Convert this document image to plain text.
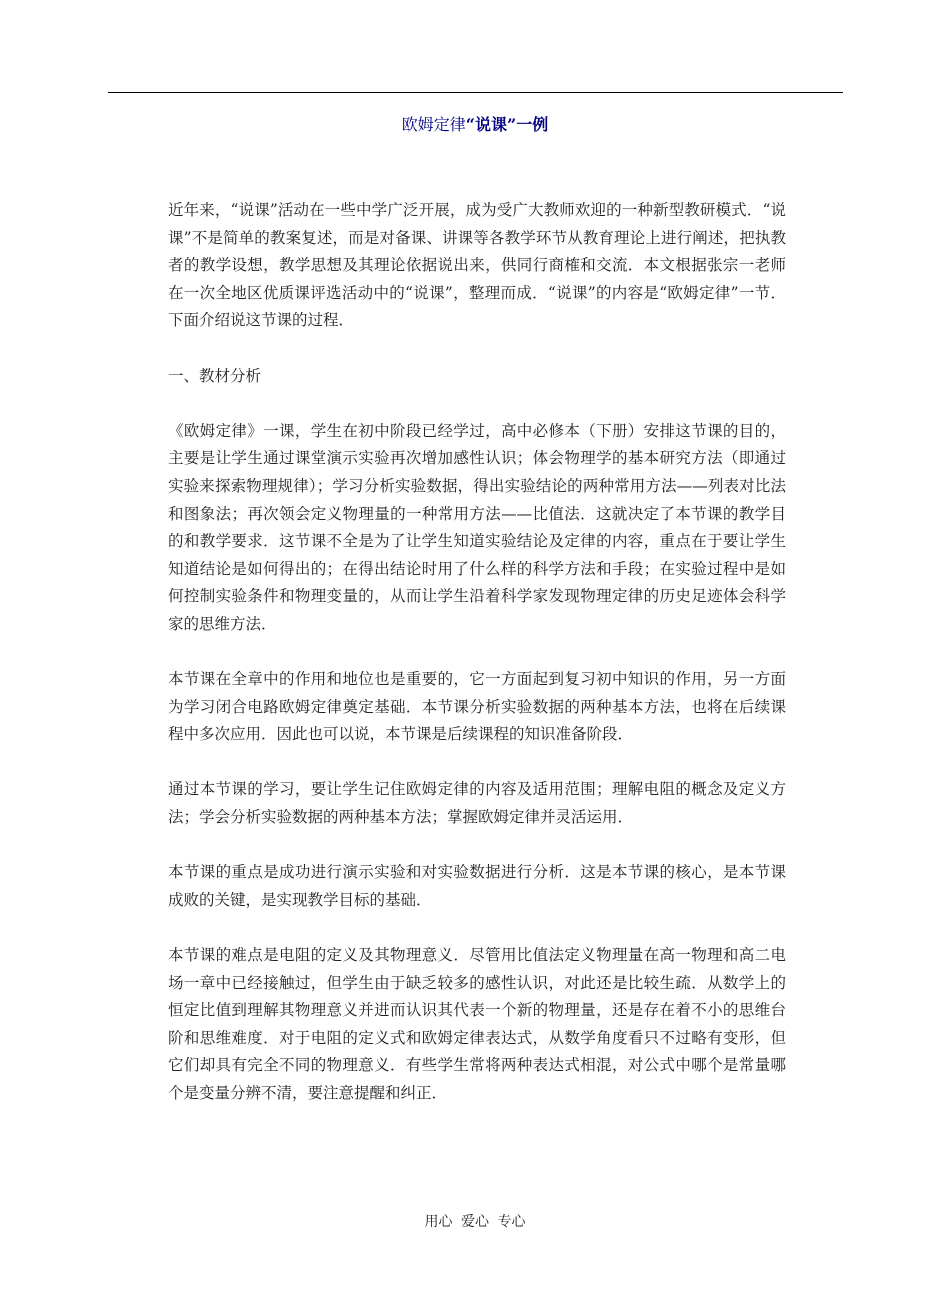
欧姆定律“说课”一例

近年来，“说课”活动在一些中学广泛开展，成为受广大教师欢迎的一种新型教研模式．“说课”不是简单的教案复述，而是对备课、讲课等各教学环节从教育理论上进行阐述，把执教者的教学设想，教学思想及其理论依据说出来，供同行商榷和交流．本文根据张宗一老师在一次全地区优质课评选活动中的“说课”，整理而成．“说课”的内容是“欧姆定律”一节．下面介绍说这节课的过程．

一、教材分析

《欧姆定律》一课，学生在初中阶段已经学过，高中必修本（下册）安排这节课的目的，主要是让学生通过课堂演示实验再次增加感性认识；体会物理学的基本研究方法（即通过实验来探索物理规律）；学习分析实验数据，得出实验结论的两种常用方法——列表对比法和图象法；再次领会定义物理量的一种常用方法——比值法．这就决定了本节课的教学目的和教学要求．这节课不全是为了让学生知道实验结论及定律的内容，重点在于要让学生知道结论是如何得出的；在得出结论时用了什么样的科学方法和手段；在实验过程中是如何控制实验条件和物理变量的，从而让学生沿着科学家发现物理定律的历史足迹体会科学家的思维方法．

本节课在全章中的作用和地位也是重要的，它一方面起到复习初中知识的作用，另一方面为学习闭合电路欧姆定律奠定基础．本节课分析实验数据的两种基本方法，也将在后续课程中多次应用．因此也可以说，本节课是后续课程的知识准备阶段．

通过本节课的学习，要让学生记住欧姆定律的内容及适用范围；理解电阻的概念及定义方法；学会分析实验数据的两种基本方法；掌握欧姆定律并灵活运用．

本节课的重点是成功进行演示实验和对实验数据进行分析．这是本节课的核心，是本节课成败的关键，是实现教学目标的基础．

本节课的难点是电阻的定义及其物理意义．尽管用比值法定义物理量在高一物理和高二电场一章中已经接触过，但学生由于缺乏较多的感性认识，对此还是比较生疏．从数学上的恒定比值到理解其物理意义并进而认识其代表一个新的物理量，还是存在着不小的思维台阶和思维难度．对于电阻的定义式和欧姆定律表达式，从数学角度看只不过略有变形，但它们却具有完全不同的物理意义．有些学生常将两种表达式相混，对公式中哪个是常量哪个是变量分辨不清，要注意提醒和纠正．

用心 爱心 专心
